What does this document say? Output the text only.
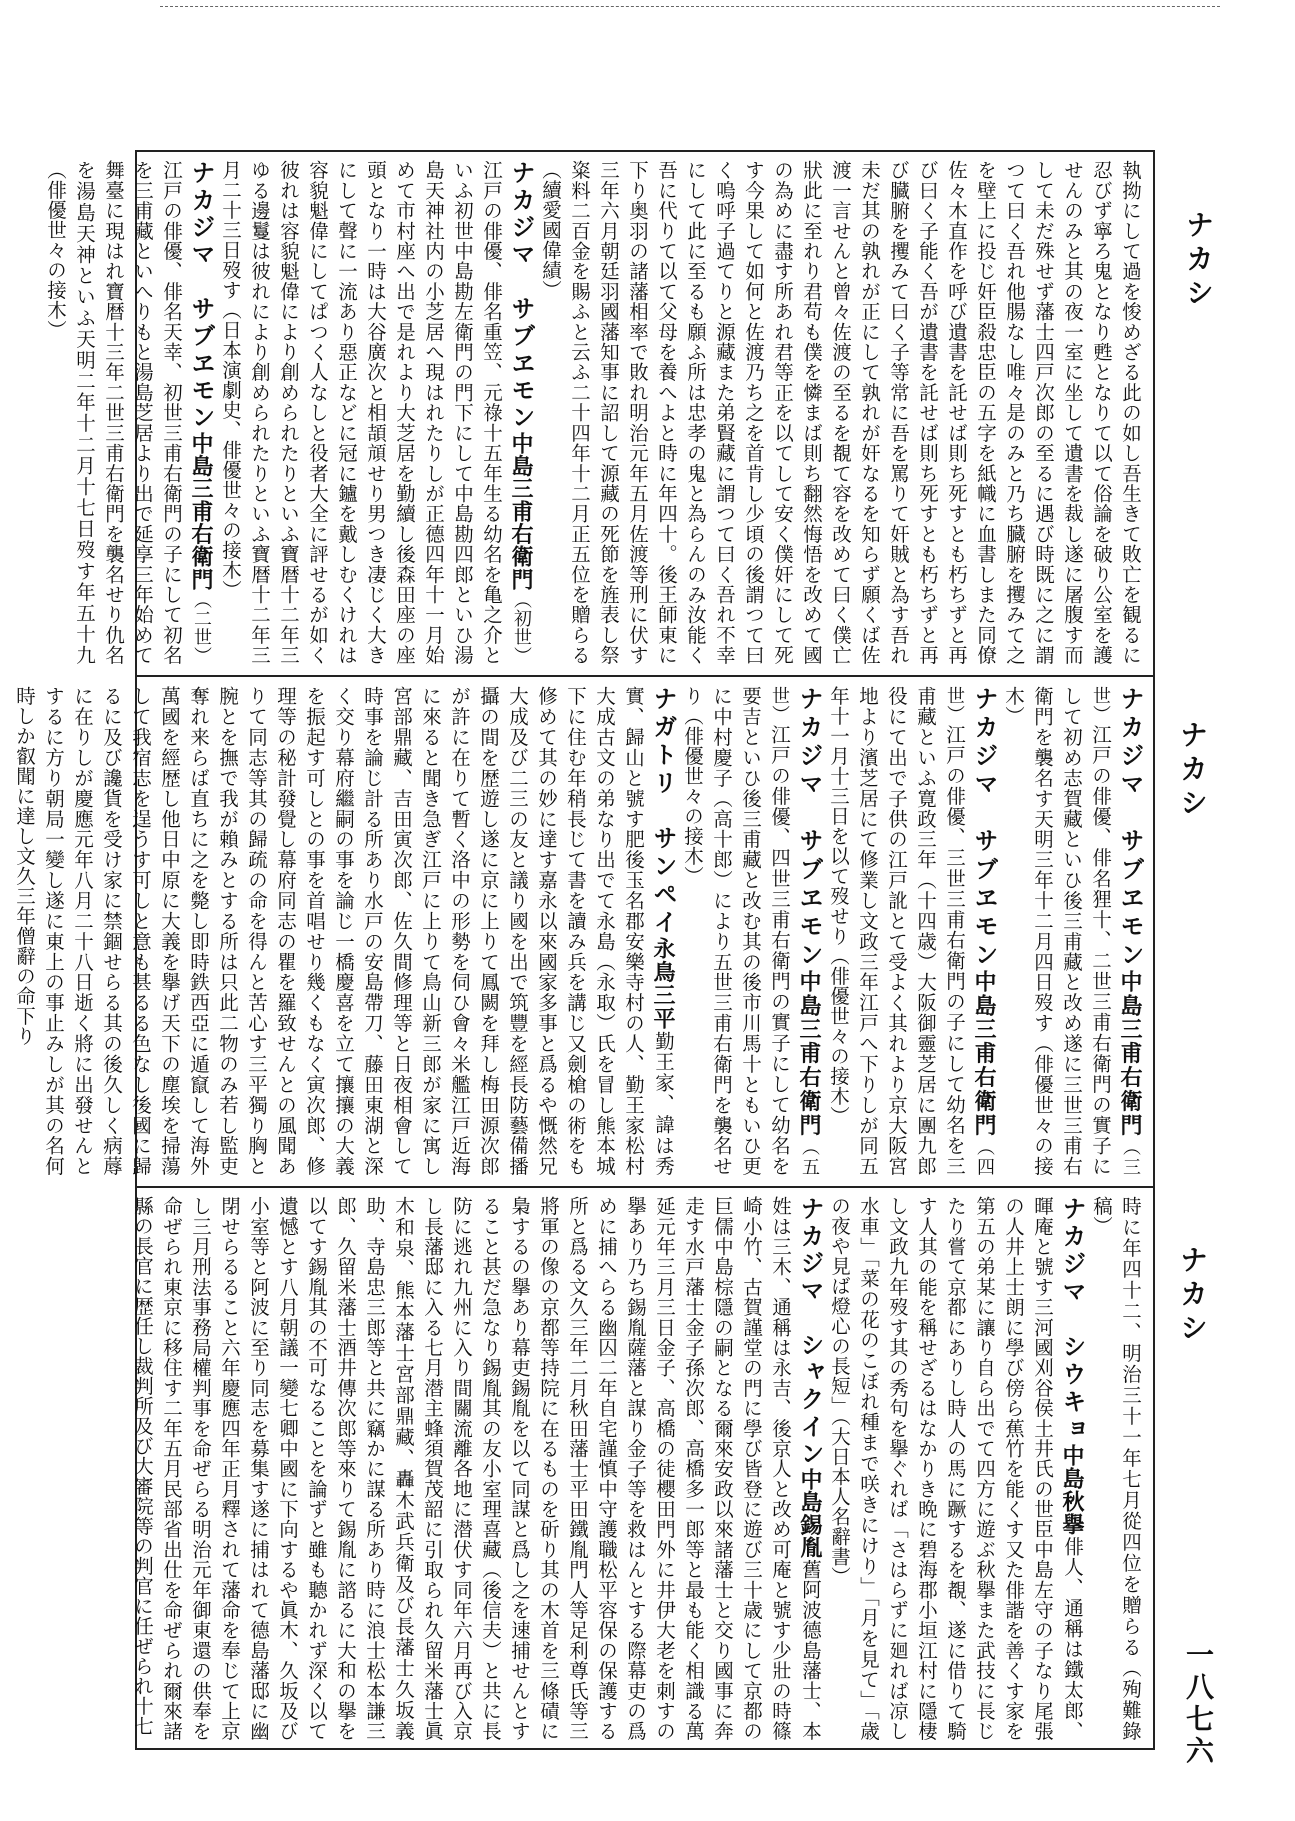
ナカシ
ナカシ
ナカシ
一八七六

執拗にして過を悛めざる此の如し吾生きて敗亡を観るに忍びず寧ろ鬼となり甦となりて以て俗論を破り公室を護せんのみと其の夜一室に坐して遺書を裁し遂に屠腹す而して未だ殊せず藩士四戸次郎の至るに遇び時既に之に謂つて曰く吾れ他腸なし唯々是のみと乃ち臓腑を攫みて之を壁上に投じ奸臣殺忠臣の五字を紙幟に血書しまた同僚佐々木直作を呼び遺書を託せば則ち死すとも朽ちずと再び曰く子能く吾が遺書を託せば則ち死すとも朽ちずと再び臓腑を攫みて曰く子等常に吾を罵りて奸賊と為す吾れ未だ其の孰れが正にして孰れが奸なるを知らず願くば佐渡一言せんと曾々佐渡の至るを覩て容を改めて曰く僕亡狀此に至れり君苟も僕を憐まば則ち翻然悔悟を改めて國の為めに盡す所あれ君等正を以てして安く僕奸にして死す今果して如何と佐渡乃ち之を首肯し少頃の後謂つて曰く嗚呼子過てりと源藏また弟賢藏に謂つて曰く吾れ不幸にして此に至るも願ふ所は忠孝の鬼と為らんのみ汝能く吾に代りて以て父母を養へよと時に年四十。後王師東に下り奥羽の諸藩相率で敗れ明治元年五月佐渡等刑に伏す三年六月朝廷羽國藩知事に詔して源藏の死節を旌表し祭粢料二百金を賜ふと云ふ二十四年十二月正五位を贈らる（續愛國偉績）

ナカジマ　サブヱモン中島三甫右衛門（初世）江戸の俳優、俳名重笠、元祿十五年生る幼名を亀之介といふ初世中島勘左衛門の門下にして中島勘四郎といひ湯島天神社内の小芝居へ現はれたりしが正德四年十一月始めて市村座へ出で是れより大芝居を勤續し後森田座の座頭となり一時は大谷廣次と相頡頏せり男つき凄じく大きにして聲に一流あり惡正などに冠に鑪を戴しむくけれは容貌魁偉にしてぱつく人なしと役者大全に評せるが如く彼れは容貌魁偉により創められたりといふ寶暦十二年三ゆる邊鬘は彼れにより創められたりといふ寶暦十二年三月二十三日歿す（日本演劇史、俳優世々の接木）

ナカジマ　サブヱモン中島三甫右衛門（二世）江戸の俳優、俳名天幸、初世三甫右衛門の子にして初名を三甫藏といへりもと湯島芝居より出で延享三年始めて舞臺に現はれ寶暦十三年二世三甫右衛門を襲名せり仇名を湯島天神といふ天明二年十二月十七日歿す年五十九（俳優世々の接木）

ナカジマ　サブヱモン中島三甫右衛門（三世）江戸の俳優、俳名狸十、二世三甫右衛門の實子にして初め志賀藏といひ後三甫藏と改め遂に三世三甫右衛門を襲名す天明三年十二月四日歿す（俳優世々の接木）

ナカジマ　サブヱモン中島三甫右衛門（四世）江戸の俳優、三世三甫右衛門の子にして幼名を三甫藏といふ寛政三年（十四歳）大阪御靈芝居に團九郎役にて出で子供の江戸訛とて受よく其れより京大阪宮地より濱芝居にて修業し文政三年江戸へ下りしが同五年十一月十三日を以て歿せり（俳優世々の接木）

ナカジマ　サブヱモン中島三甫右衛門（五世）江戸の俳優、四世三甫右衛門の實子にして幼名を要吉といひ後三甫藏と改む其の後市川馬十ともいひ更に中村慶子（高十郎）により五世三甫右衛門を襲名せり（俳優世々の接木）

ナガトリ　サンペイ永鳥三平勤王家、諱は秀實、歸山と號す肥後玉名郡安樂寺村の人、勤王家松村大成古文の弟なり出でて永島（永取）氏を冒し熊本城下に住む年稍長じて書を讀み兵を講じ又劍槍の術をも修めて其の妙に達す嘉永以來國家多事と爲るや慨然兄大成及び二三の友と議り國を出で筑豐を經長防藝備播攝の間を歴遊し遂に京に上りて鳳闕を拜し梅田源次郎が許に在りて暫く洛中の形勢を伺ひ會々米艦江戸近海に來ると聞き急ぎ江戸に上りて鳥山新三郎が家に寓し宮部鼎藏、吉田寅次郎、佐久間修理等と日夜相會して時事を論じ計る所あり水戸の安島帶刀、藤田東湖と深く交り幕府繼嗣の事を論じ一橋慶喜を立て攘攘の大義を振起す可しとの事を首唱せり幾くもなく寅次郎、修理等の秘計發覺し幕府同志の瞿を羅致せんとの風聞ありて同志等其の歸疏の命を得んと苦心す三平獨り胸と腕とを撫で我が賴みとする所は只此二物のみ若し監吏奪れ来らば直ちに之を斃し即時鉄西亞に遁竄して海外萬國を經歴し他日中原に大義を擧げ天下の塵埃を掃蕩して我宿志を逞うす可しと意も甚るる色なし後國に歸るに及び讒貨を受け家に禁錮せらる其の後久しく病蓐に在りしが慶應元年八月二十八日逝く將に出發せんとするに方り朝局一變し遂に東上の事止みしが其の名何時しか叡聞に達し文久三年僧辭の命下り

時に年四十二、明治三十一年七月從四位を贈らる（殉難錄稿）

ナカジマ　シウキョ中島秋擧俳人、通稱は鐵太郎、暉庵と號す三河國刈谷侯土井氏の世臣中島左守の子なり尾張の人井上士朗に學び傍ら蕉竹を能くす又た俳諧を善くす家を第五の弟某に讓り自ら出でて四方に遊ぶ秋擧また武技に長じたり嘗て京都にありし時人の馬に蹶するを覩、遂に借りて騎す人其の能を稱せざるはなかりき晩に碧海郡小垣江村に隱棲し文政九年歿す其の秀句を擧ぐれば「さはらずに廻れば凉し水車」「菜の花のこぼれ種まで咲きにけり」「月を見て」「歳の夜や見ば燈心の長短」（大日本人名辭書）

ナカジマ　シャクイン中島錫胤舊阿波德島藩士、本姓は三木、通稱は永吉、後京人と改め可庵と號す少壯の時篠崎小竹、古賀謹堂の門に學び皆登に遊び三十歳にして京都の巨儒中島棕隱の嗣となる爾來安政以來諸藩士と交り國事に奔走す水戸藩士金子孫次郎、高橋多一郎等と最も能く相識る萬延元年三月三日金子、高橋の徒櫻田門外に井伊大老を刺すの擧あり乃ち錫胤薩藩と謀り金子等を救はんとする際幕吏の爲めに捕へらる幽囚二年自宅謹慎中守護職松平容保の保護する所と爲る文久三年二月秋田藩士平田鐵胤門人等足利尊氏等三將軍の像の京都等持院に在るものを斫り其の木首を三條磧に梟するの擧あり幕吏錫胤を以て同謀と爲し之を速捕せんとすること甚だ急なり錫胤其の友小室理喜藏（後信夫）と共に長防に逃れ九州に入り間關流離各地に潜伏す同年六月再び入京し長藩邸に入る七月潜主蜂須賀茂韶に引取られ久留米藩士眞木和泉、熊本藩士宮部鼎藏、轟木武兵衛及び長藩士久坂義助、寺島忠三郎等と共に竊かに謀る所あり時に浪士松本謙三郎、久留米藩士酒井傳次郎等來りて錫胤に諮るに大和の擧を以てす錫胤其の不可なることを論ずと雖も聽かれず深く以て遺憾とす八月朝議一變七卿中國に下向するや眞木、久坂及び小室等と阿波に至り同志を募集す遂に捕はれて德島藩邸に幽閉せらるること六年慶應四年正月釋されて藩命を奉じて上京し三月刑法事務局權判事を命ぜらる明治元年御東還の供奉を命ぜられ東京に移住す二年五月民部省出仕を命ぜられ爾來諸縣の長官に歴任し裁判所及び大審院等の判官に任ぜられ十七
